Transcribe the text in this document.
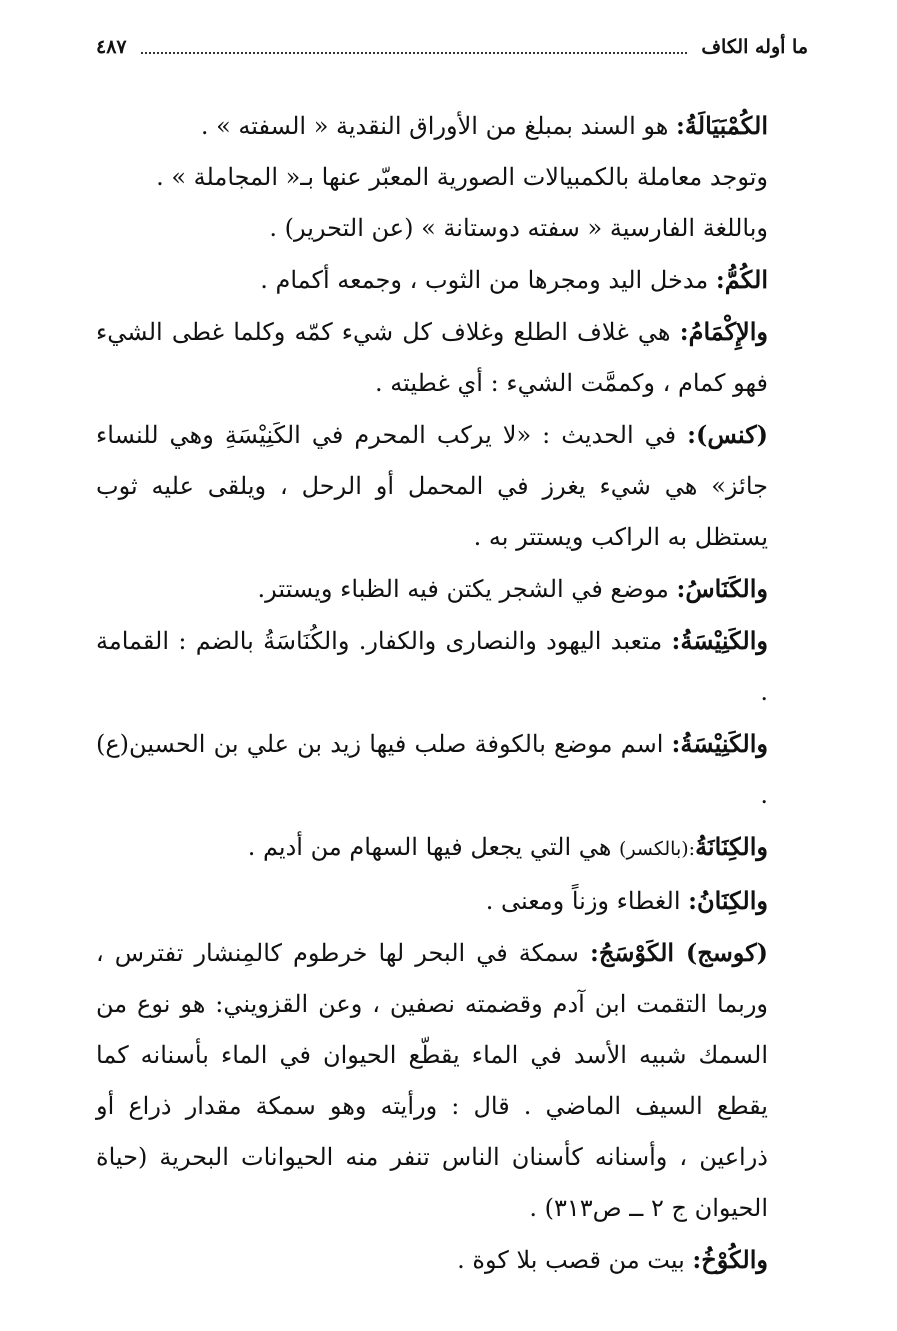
ما أوله الكاف
٤٨٧

الكُمْبَيَالَةُ: هو السند بمبلغ من الأوراق النقدية « السفته » .

وتوجد معاملة بالكمبيالات الصورية المعبّر عنها بـ« المجاملة » .

وباللغة الفارسية « سفته دوستانة » (عن التحرير) .

الكُمُّ: مدخل اليد ومجرها من الثوب ، وجمعه أكمام .

والإِكْمَامُ: هي غلاف الطلع وغلاف كل شيء كمّه وكلما غطى الشيء فهو كمام ، وكممَّت الشيء : أي غطيته .

(كنس): في الحديث : «لا يركب المحرم في الكَنِيْسَةِ وهي للنساء جائز» هي شيء يغرز في المحمل أو الرحل ، ويلقى عليه ثوب يستظل به الراكب ويستتر به .

والكَنَاسُ: موضع في الشجر يكتن فيه الظباء ويستتر.

والكَنِيْسَةُ: متعبد اليهود والنصارى والكفار. والكُنَاسَةُ بالضم : القمامة .

والكَنِيْسَةُ: اسم موضع بالكوفة صلب فيها زيد بن علي بن الحسين(ع) .

والكِنَانَةُ:(بالكسر) هي التي يجعل فيها السهام من أديم .

والكِنَانُ: الغطاء وزناً ومعنى .

(كوسج) الكَوْسَجُ: سمكة في البحر لها خرطوم كالمِنشار تفترس ، وربما التقمت ابن آدم وقضمته نصفين ، وعن القزويني: هو نوع من السمك شبيه الأسد في الماء يقطّع الحيوان في الماء بأسنانه كما يقطع السيف الماضي . قال : ورأيته وهو سمكة مقدار ذراع أو ذراعين ، وأسنانه كأسنان الناس تنفر منه الحيوانات البحرية (حياة الحيوان ج ٢ ــ ص٣١٣) .

والكُوْخُ: بيت من قصب بلا كوة .
